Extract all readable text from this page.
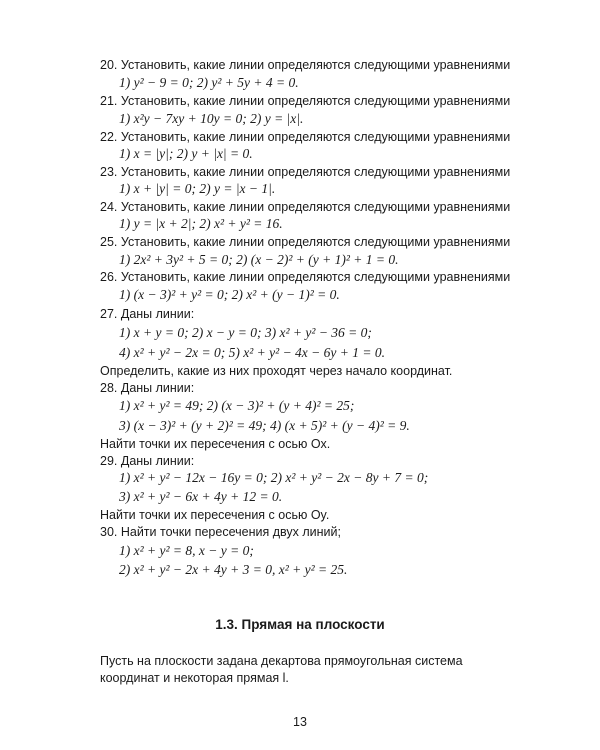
20. Установить, какие линии определяются следующими уравнениями
1) y² − 9 = 0; 2) y² + 5y + 4 = 0.
21. Установить, какие линии определяются следующими уравнениями
1) x²y − 7xy + 10y = 0; 2) y = |x|.
22. Установить, какие линии определяются следующими уравнениями
1) x = |y|; 2) y + |x| = 0.
23. Установить, какие линии определяются следующими уравнениями
1) x + |y| = 0; 2) y = |x − 1|.
24. Установить, какие линии определяются следующими уравнениями
1) y = |x + 2|; 2) x² + y² = 16.
25. Установить, какие линии определяются следующими уравнениями
1) 2x² + 3y² + 5 = 0; 2) (x − 2)² + (y + 1)² + 1 = 0.
26. Установить, какие линии определяются следующими уравнениями
1) (x − 3)² + y² = 0; 2) x² + (y − 1)² = 0.
27. Даны линии:
1) x + y = 0; 2) x − y = 0; 3) x² + y² − 36 = 0;
4) x² + y² − 2x = 0; 5) x² + y² − 4x − 6y + 1 = 0.
Определить, какие из них проходят через начало координат.
28. Даны линии:
1) x² + y² = 49; 2) (x − 3)² + (y + 4)² = 25;
3) (x − 3)² + (y + 2)² = 49; 4) (x + 5)² + (y − 4)² = 9.
Найти точки их пересечения с осью Ox.
29. Даны линии:
1) x² + y² − 12x − 16y = 0; 2) x² + y² − 2x − 8y + 7 = 0;
3) x² + y² − 6x + 4y + 12 = 0.
Найти точки их пересечения с осью Oy.
30. Найти точки пересечения двух линий;
1) x² + y² = 8, x − y = 0;
2) x² + y² − 2x + 4y + 3 = 0, x² + y² = 25.
1.3. Прямая на плоскости
Пусть на плоскости задана декартова прямоугольная система координат и некоторая прямая l.
13
